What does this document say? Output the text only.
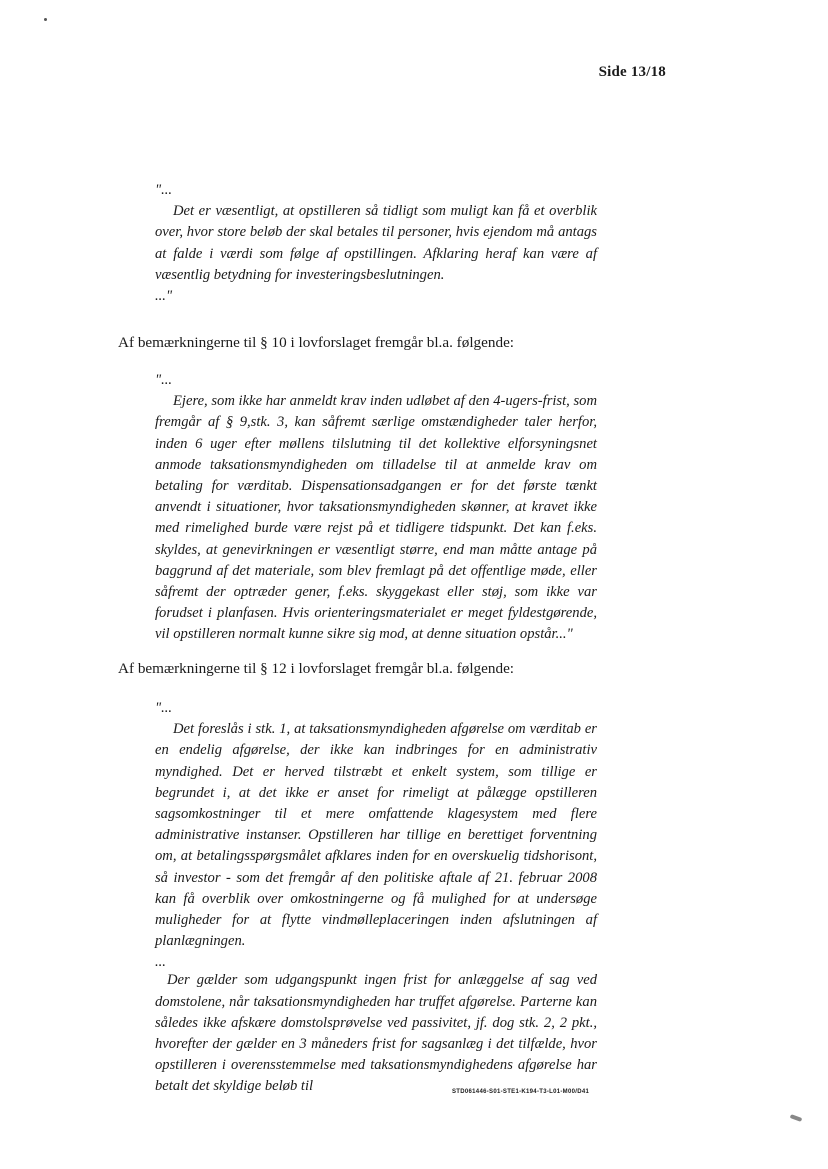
Side 13/18
"...

Det er væsentligt, at opstilleren så tidligt som muligt kan få et overblik over, hvor store beløb der skal betales til personer, hvis ejendom må antags at falde i værdi som følge af opstillingen. Afklaring heraf kan være af væsentlig betydning for investeringsbeslutningen.

..."
Af bemærkningerne til § 10 i lovforslaget fremgår bl.a. følgende:
"...

Ejere, som ikke har anmeldt krav inden udløbet af den 4-ugers-frist, som fremgår af § 9,stk. 3, kan såfremt særlige omstændigheder taler herfor, inden 6 uger efter møllens tilslutning til det kollektive elforsyningsnet anmode taksationsmyndigheden om tilladelse til at anmelde krav om betaling for værditab. Dispensationsadgangen er for det første tænkt anvendt i situationer, hvor taksationsmyndigheden skønner, at kravet ikke med rimelighed burde være rejst på et tidligere tidspunkt. Det kan f.eks. skyldes, at genevirkningen er væsentligt større, end man måtte antage på baggrund af det materiale, som blev fremlagt på det offentlige møde, eller såfremt der optræder gener, f.eks. skyggekast eller støj, som ikke var forudset i planfasen. Hvis orienteringsmaterialet er meget fyldestgørende, vil opstilleren normalt kunne sikre sig mod, at denne situation opstår..."

Af bemærkningerne til § 12 i lovforslaget fremgår bl.a. følgende:
"...

Det foreslås i stk. 1, at taksationsmyndigheden afgørelse om værditab er en endelig afgørelse, der ikke kan indbringes for en administrativ myndighed. Det er herved tilstræbt et enkelt system, som tillige er begrundet i, at det ikke er anset for rimeligt at pålægge opstilleren sagsomkostninger til et mere omfattende klagesystem med flere administrative instanser. Opstilleren har tillige en berettiget forventning om, at betalingsspørgsmålet afklares inden for en overskuelig tidshorisont, så investor - som det fremgår af den politiske aftale af 21. februar 2008 kan få overblik over omkostningerne og få mulighed for at undersøge muligheder for at flytte vindmølleplaceringen inden afslutningen af planlægningen.

...

Der gælder som udgangspunkt ingen frist for anlæggelse af sag ved domstolene, når taksationsmyndigheden har truffet afgørelse. Parterne kan således ikke afskære domstolsprøvelse ved passivitet, jf. dog stk. 2, 2 pkt., hvorefter der gælder en 3 måneders frist for sagsanlæg i det tilfælde, hvor opstilleren i overensstemmelse med taksationsmyndighedens afgørelse har betalt det skyldige beløb til	STD061446-S01-STE1-K194-T3-L01-M00/D41
